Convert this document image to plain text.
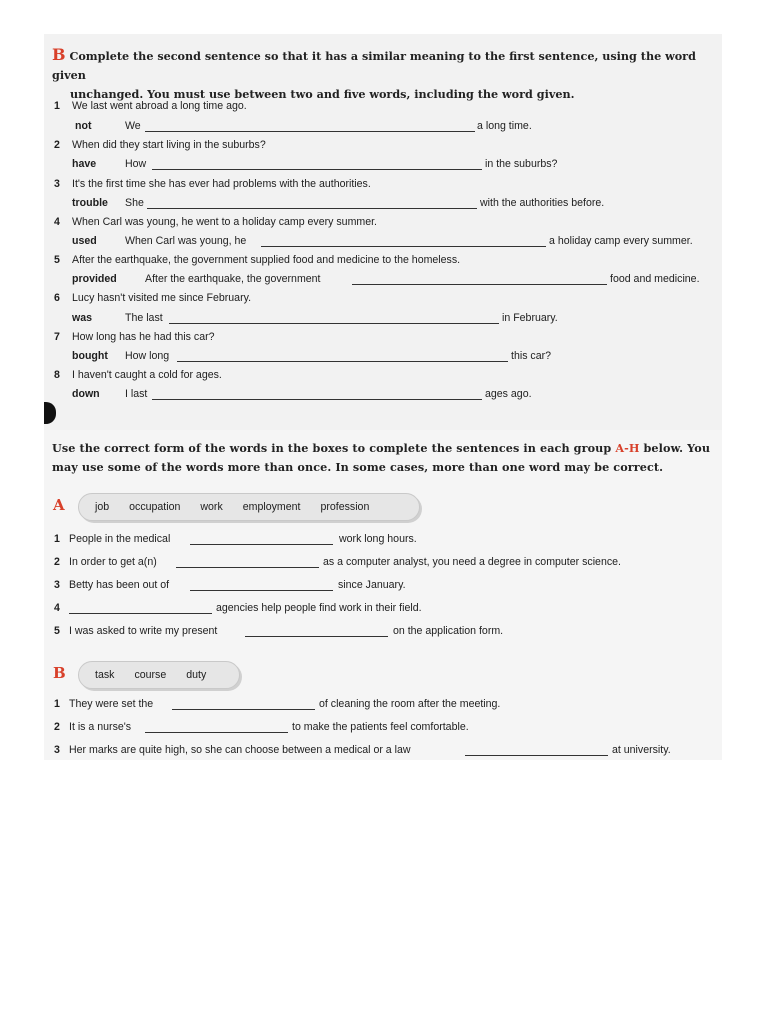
B Complete the second sentence so that it has a similar meaning to the first sentence, using the word given
unchanged. You must use between two and five words, including the word given.
1 We last went abroad a long time ago.
not	We	a long time.
2 When did they start living in the suburbs?
have	How	in the suburbs?
3 It's the first time she has ever had problems with the authorities.
trouble She	with the authorities before.
4 When Carl was young, he went to a holiday camp every summer.
used	When Carl was young, he	a holiday camp every summer.
5 After the earthquake, the government supplied food and medicine to the homeless.
provided	After the earthquake, the government	food and medicine.
6 Lucy hasn't visited me since February.
was	The last	in February.
7 How long has he had this car?
bought How long	this car?
8 I haven't caught a cold for ages.
down I last	ages ago.
Use the correct form of the words in the boxes to complete the sentences in each group A-H below. You
may use some of the words more than once. In some cases, more than one word may be correct.
A	job occupation work employment profession
1 People in the medical	work long hours.
2 In order to get a(n)	as a computer analyst, you need a degree in computer science.
3 Betty has been out of	since January.
4	agencies help people find work in their field.
5 I was asked to write my present	on the application form.
B	task course duty
1 They were set the	of cleaning the room after the meeting.
2 It is a nurse's	to make the patients feel comfortable.
3 Her marks are quite high, so she can choose between a medical or a law	at university.
